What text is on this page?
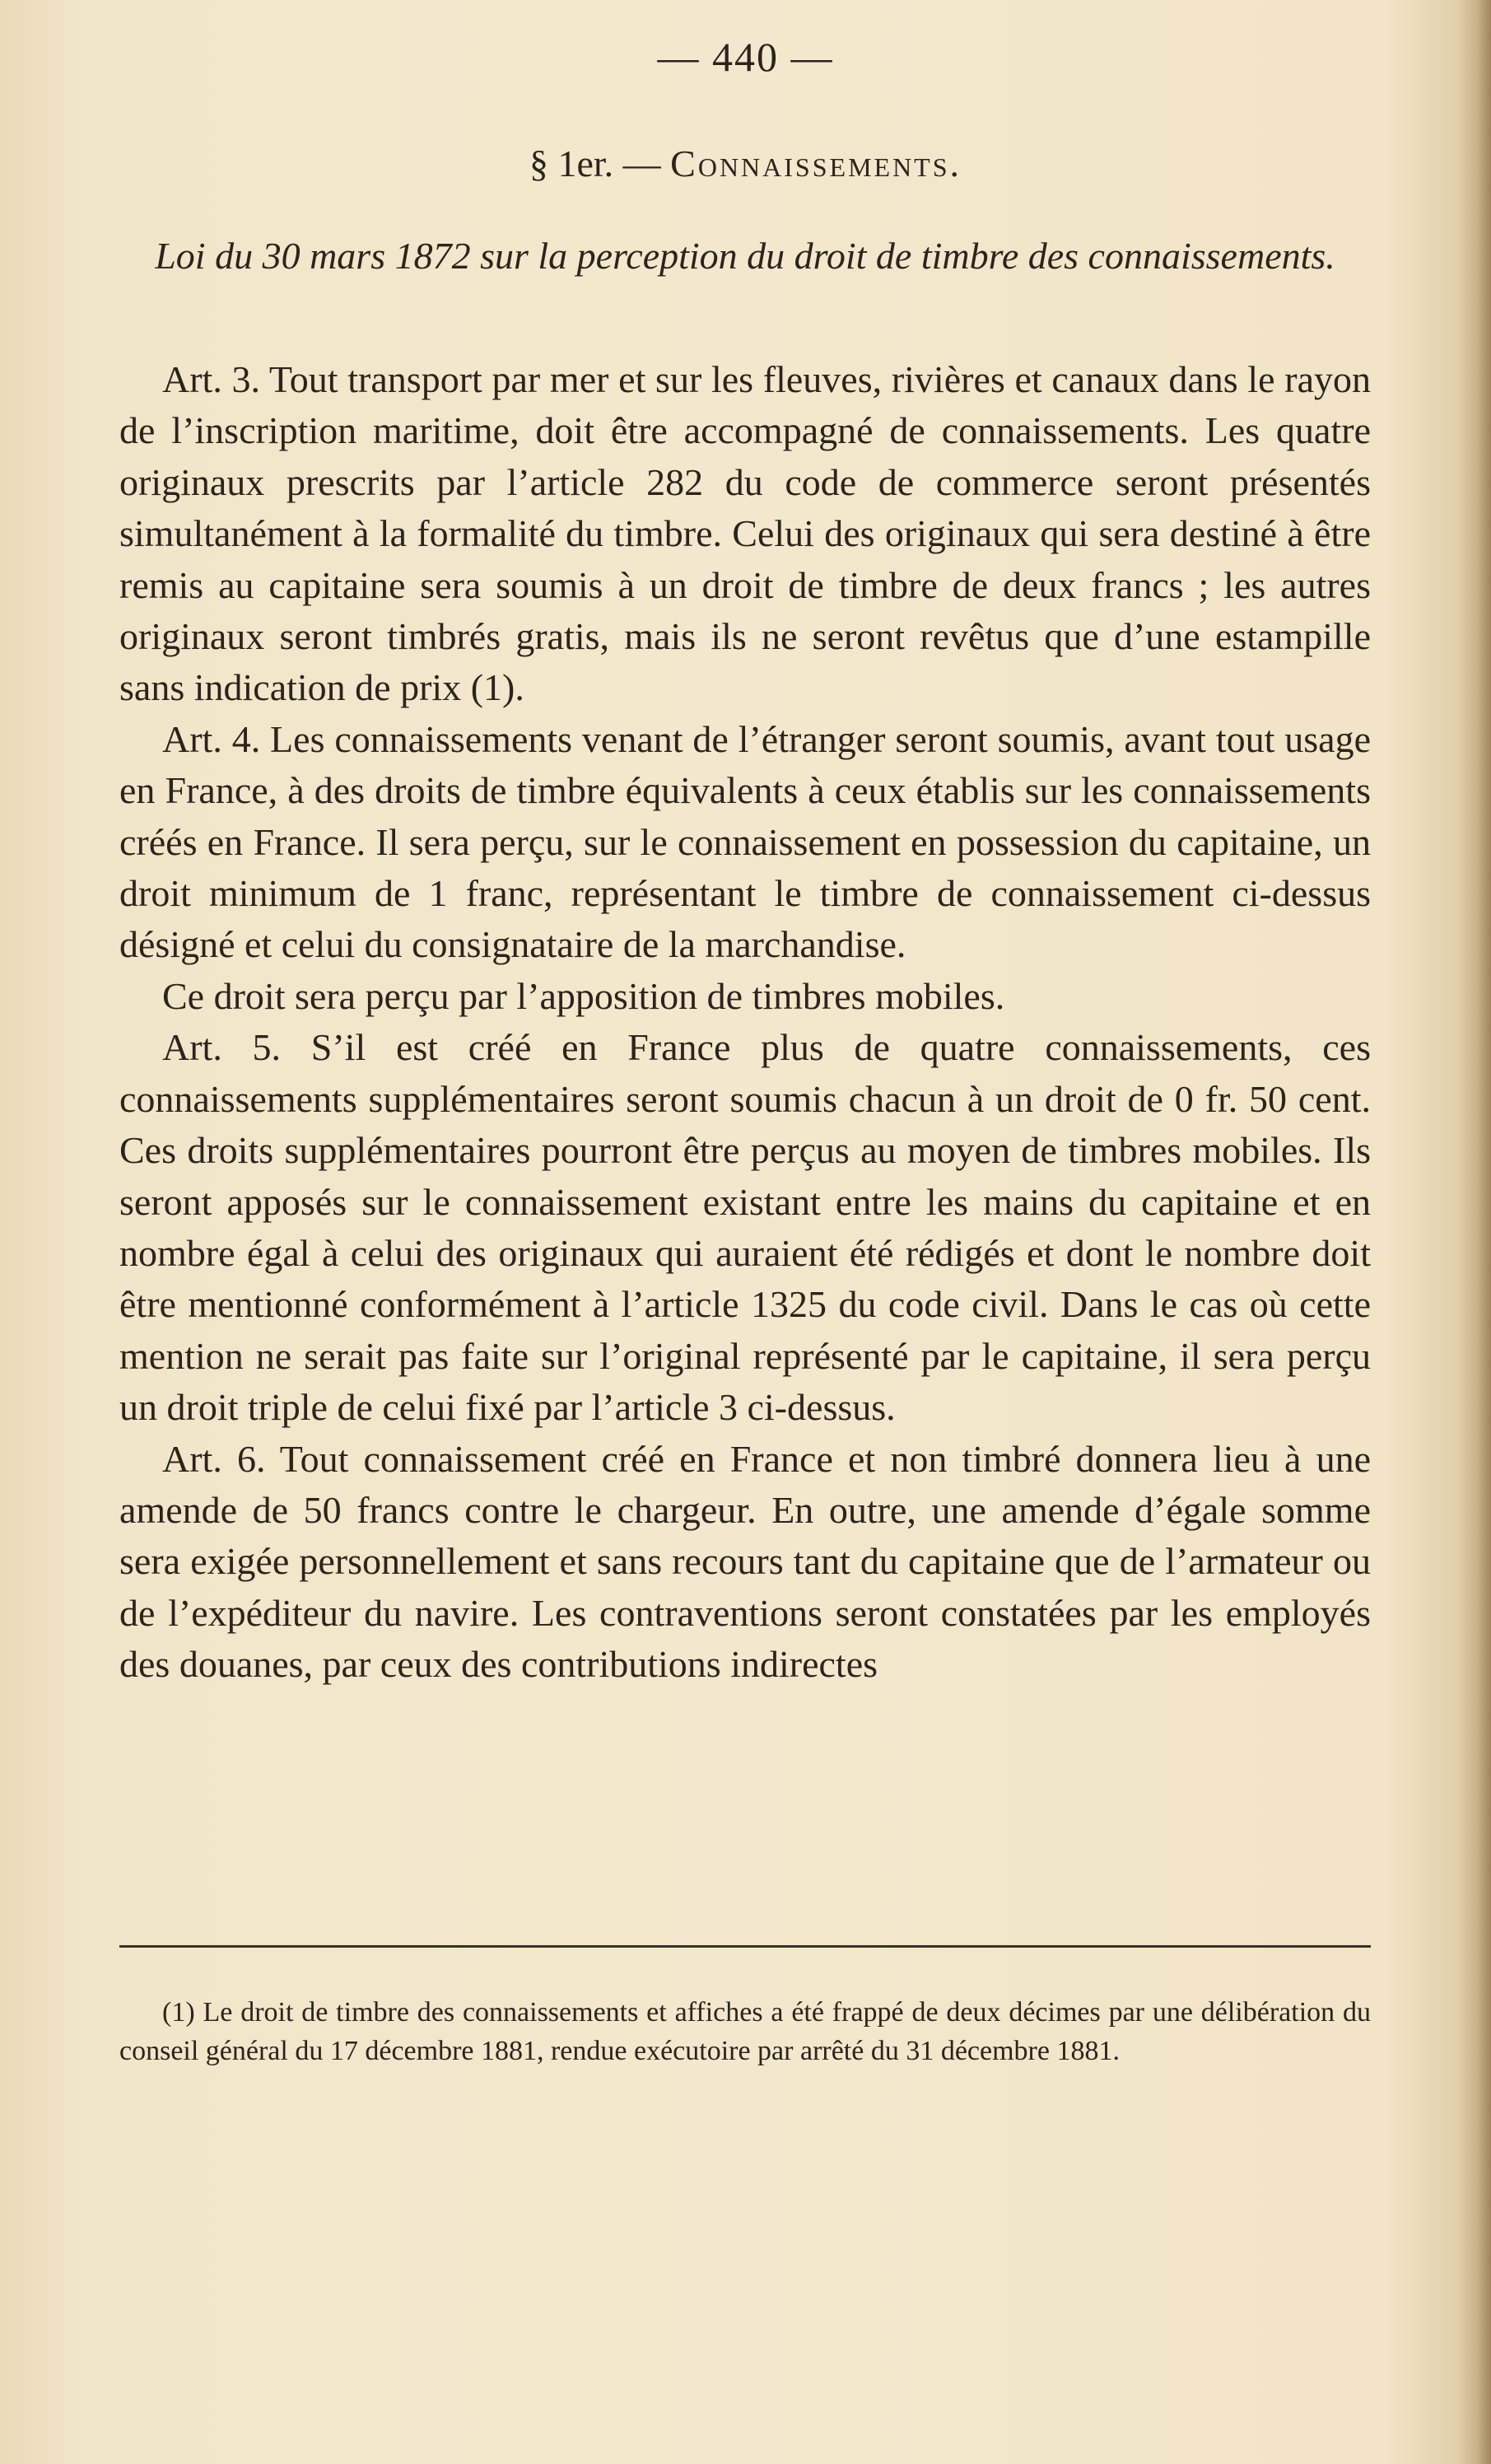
— 440 —
§ 1er. — Connaissements.
Loi du 30 mars 1872 sur la perception du droit de timbre des connaissements.

Art. 3. Tout transport par mer et sur les fleuves, rivières et canaux dans le rayon de l’inscription maritime, doit être accompagné de connaissements. Les quatre originaux prescrits par l’article 282 du code de commerce seront présentés simultanément à la formalité du timbre. Celui des originaux qui sera destiné à être remis au capitaine sera soumis à un droit de timbre de deux francs ; les autres originaux seront timbrés gratis, mais ils ne seront revêtus que d’une estampille sans indication de prix (1).

Art. 4. Les connaissements venant de l’étranger seront soumis, avant tout usage en France, à des droits de timbre équivalents à ceux établis sur les connaissements créés en France. Il sera perçu, sur le connaissement en possession du capitaine, un droit minimum de 1 franc, représentant le timbre de connaissement ci-dessus désigné et celui du consignataire de la marchandise.

Ce droit sera perçu par l’apposition de timbres mobiles.

Art. 5. S’il est créé en France plus de quatre connaissements, ces connaissements supplémentaires seront soumis chacun à un droit de 0 fr. 50 cent. Ces droits supplémentaires pourront être perçus au moyen de timbres mobiles. Ils seront apposés sur le connaissement existant entre les mains du capitaine et en nombre égal à celui des originaux qui auraient été rédigés et dont le nombre doit être mentionné conformément à l’article 1325 du code civil. Dans le cas où cette mention ne serait pas faite sur l’original représenté par le capitaine, il sera perçu un droit triple de celui fixé par l’article 3 ci-dessus.

Art. 6. Tout connaissement créé en France et non timbré donnera lieu à une amende de 50 francs contre le chargeur. En outre, une amende d’égale somme sera exigée personnellement et sans recours tant du capitaine que de l’armateur ou de l’expéditeur du navire. Les contraventions seront constatées par les employés des douanes, par ceux des contributions indirectes

(1) Le droit de timbre des connaissements et affiches a été frappé de deux décimes par une délibération du conseil général du 17 décembre 1881, rendue exécutoire par arrêté du 31 décembre 1881.
